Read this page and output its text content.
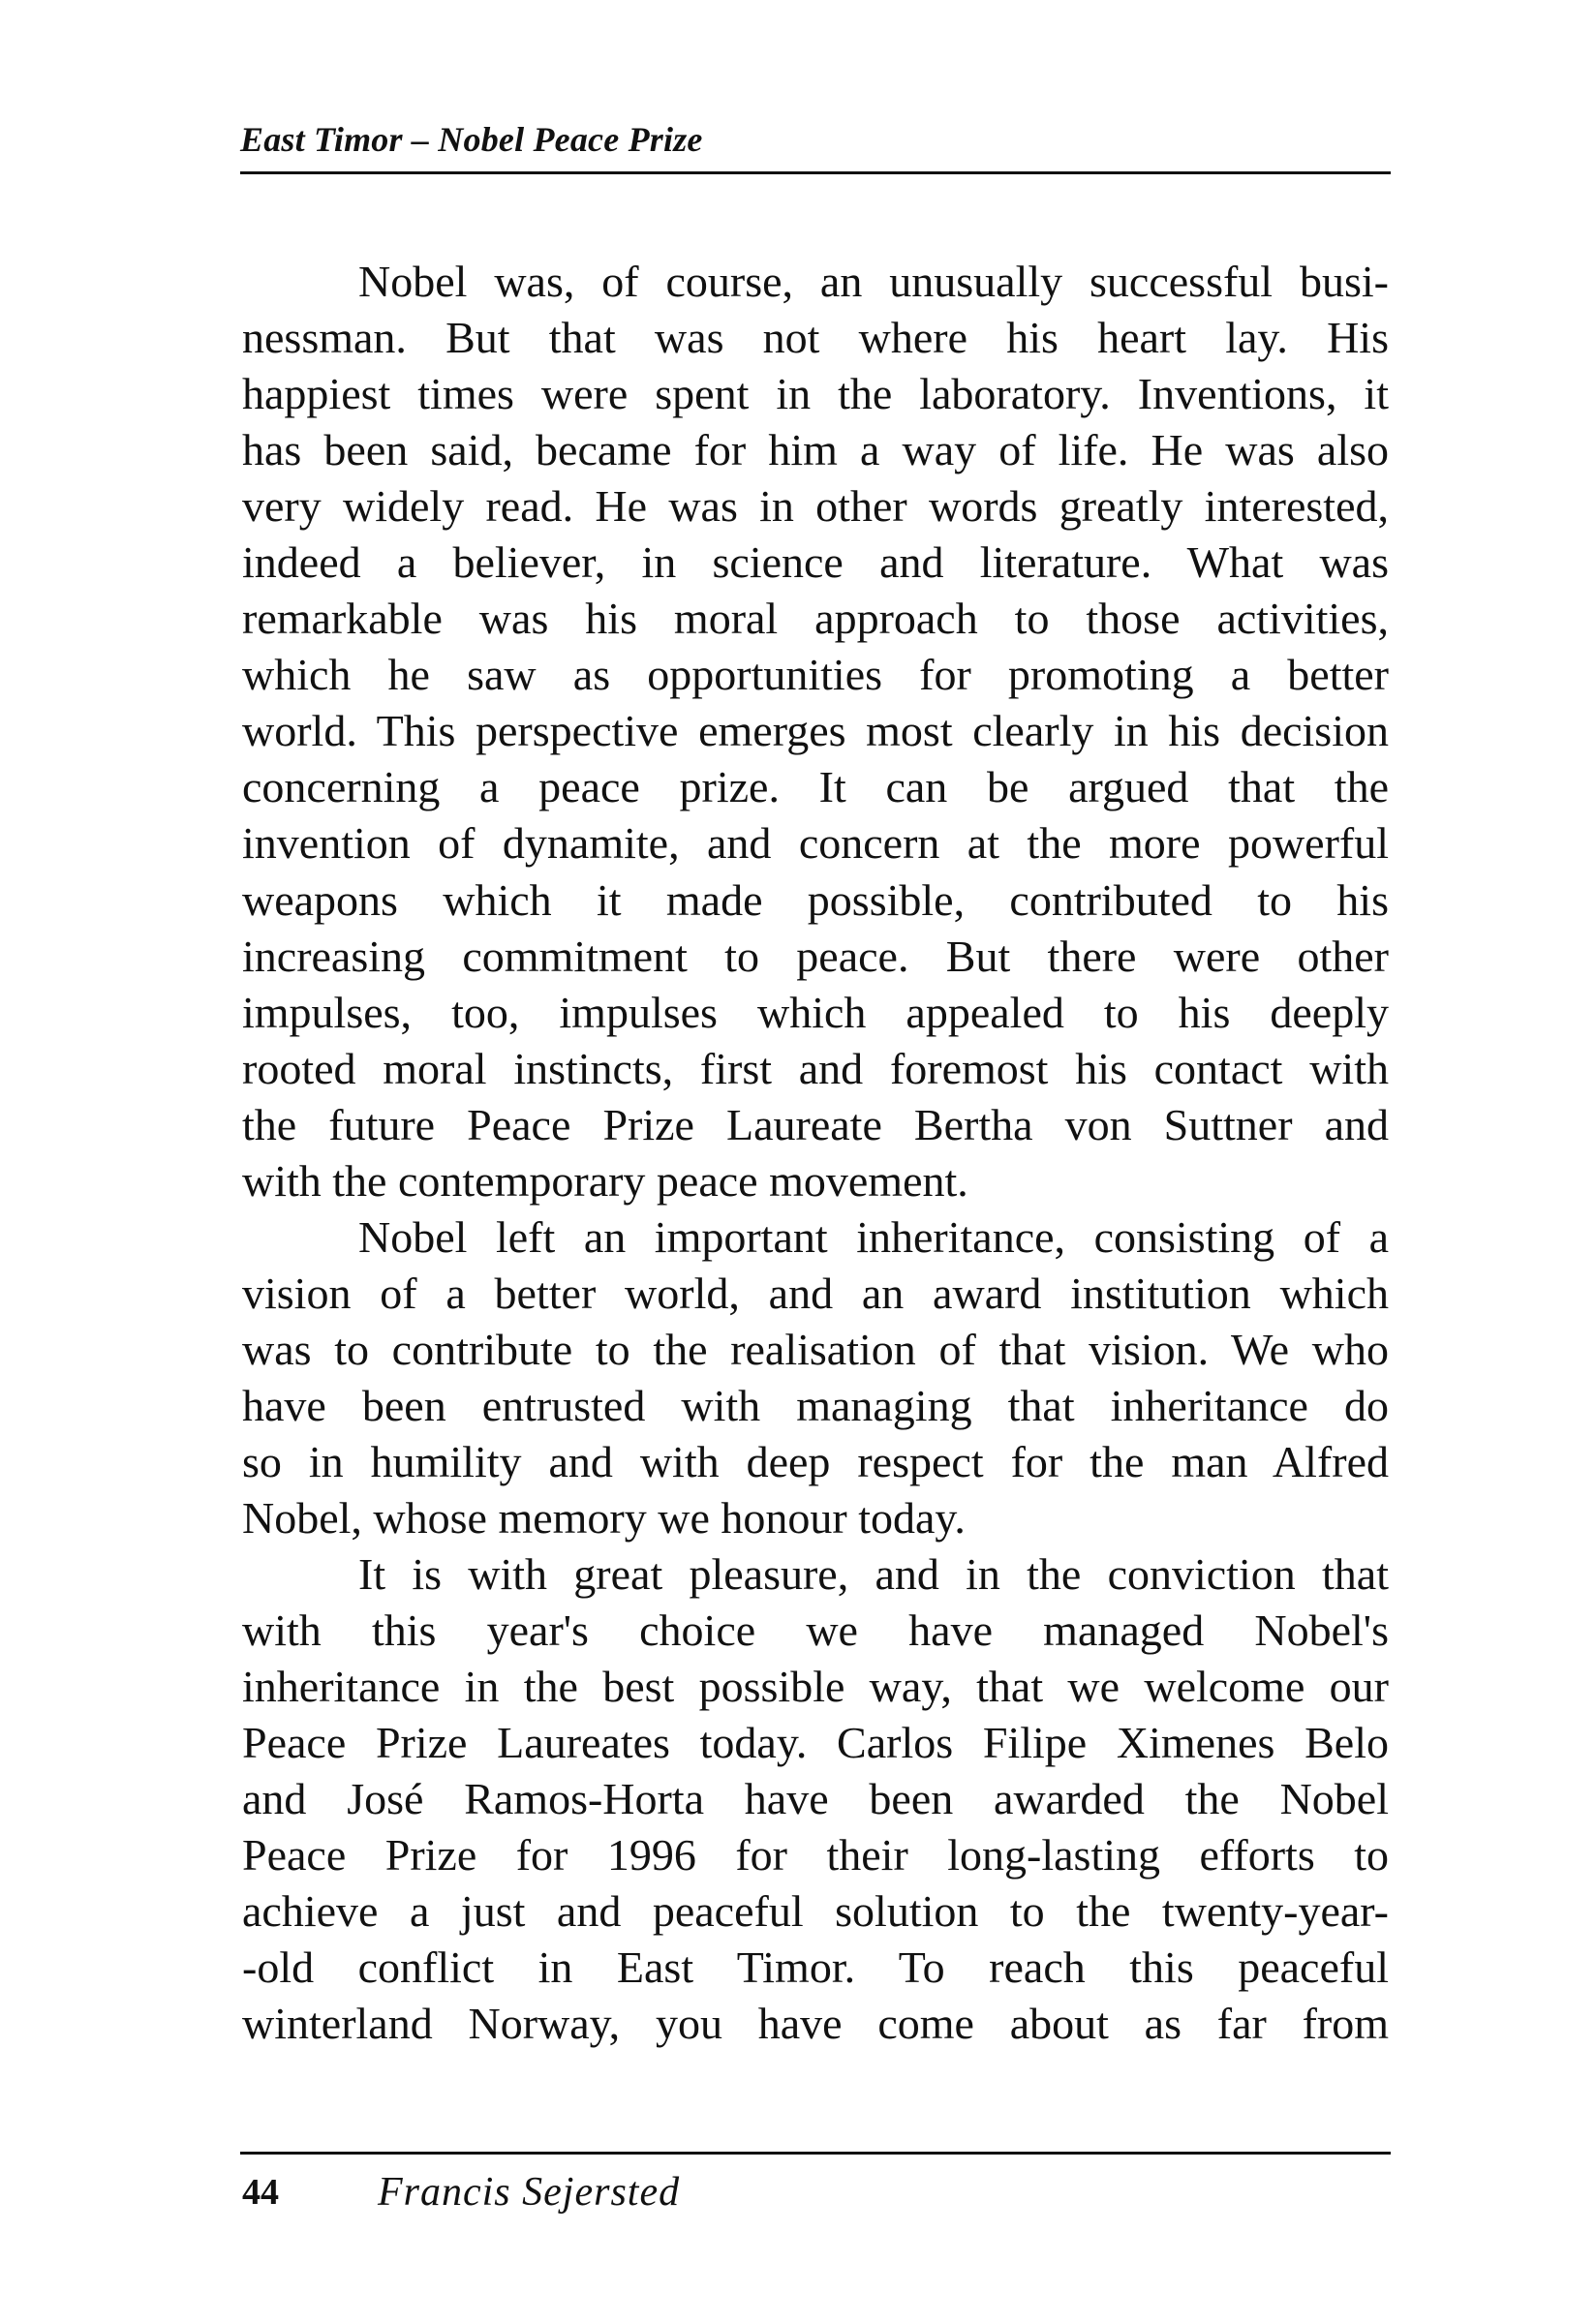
East Timor – Nobel Peace Prize
Nobel was, of course, an unusually successful busi-
nessman. But that was not where his heart lay. His
happiest times were spent in the laboratory. Inventions, it
has been said, became for him a way of life. He was also
very widely read. He was in other words greatly interested,
indeed a believer, in science and literature. What was
remarkable was his moral approach to those activities,
which he saw as opportunities for promoting a better
world. This perspective emerges most clearly in his decision
concerning a peace prize. It can be argued that the
invention of dynamite, and concern at the more powerful
weapons which it made possible, contributed to his
increasing commitment to peace. But there were other
impulses, too, impulses which appealed to his deeply
rooted moral instincts, first and foremost his contact with
the future Peace Prize Laureate Bertha von Suttner and
with the contemporary peace movement.
Nobel left an important inheritance, consisting of a
vision of a better world, and an award institution which
was to contribute to the realisation of that vision. We who
have been entrusted with managing that inheritance do
so in humility and with deep respect for the man Alfred
Nobel, whose memory we honour today.
It is with great pleasure, and in the conviction that
with this year's choice we have managed Nobel's
inheritance in the best possible way, that we welcome our
Peace Prize Laureates today. Carlos Filipe Ximenes Belo
and José Ramos-Horta have been awarded the Nobel
Peace Prize for 1996 for their long-lasting efforts to
achieve a just and peaceful solution to the twenty-year-
-old conflict in East Timor. To reach this peaceful
winterland Norway, you have come about as far from
44 Francis Sejersted
